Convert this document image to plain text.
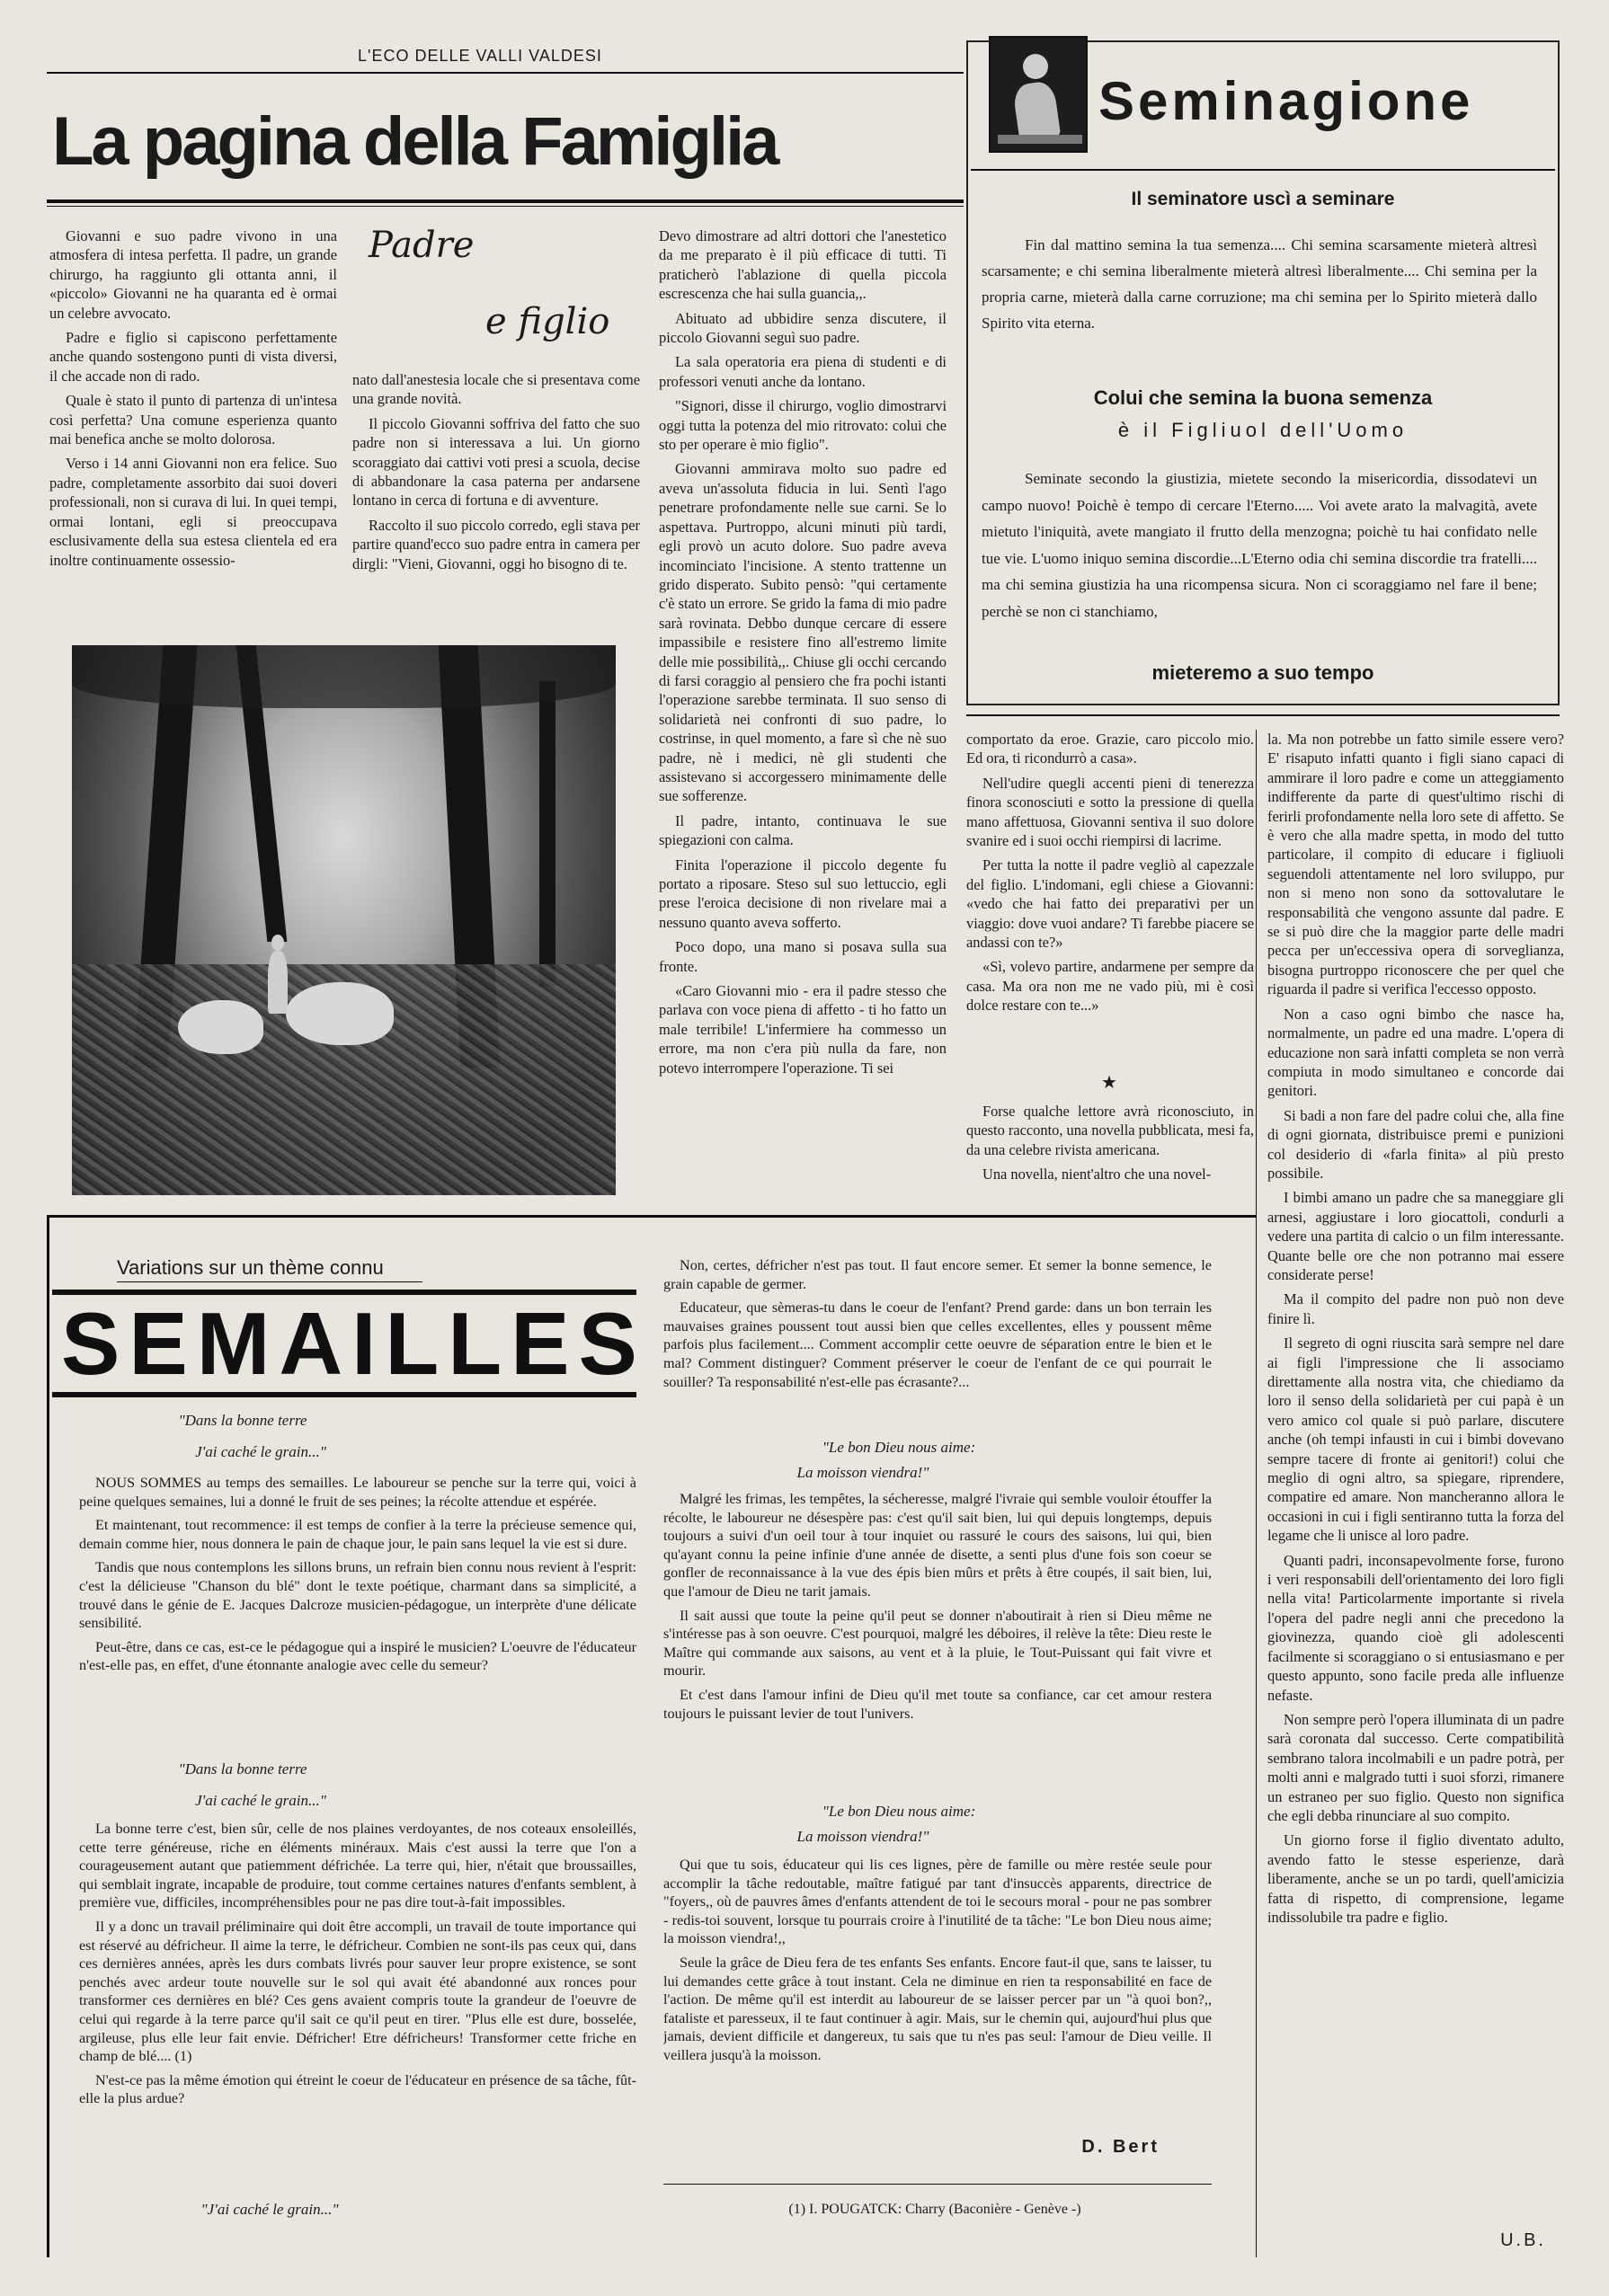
L'ECO DELLE VALLI VALDESI
La pagina della Famiglia
Padre
e figlio

Giovanni e suo padre vivono in una atmosfera di intesa perfetta. Il padre, un grande chirurgo, ha raggiunto gli ottanta anni, il «piccolo» Giovanni ne ha quaranta ed è ormai un celebre avvocato.

Padre e figlio si capiscono perfettamente anche quando sostengono punti di vista diversi, il che accade non di rado.

Quale è stato il punto di partenza di un'intesa così perfetta? Una comune esperienza quanto mai benefica anche se molto dolorosa.

Verso i 14 anni Giovanni non era felice. Suo padre, completamente assorbito dai suoi doveri professionali, non si curava di lui. In quei tempi, ormai lontani, egli si preoccupava esclusivamente della sua estesa clientela ed era inoltre continuamente ossessio-

nato dall'anestesia locale che si presentava come una grande novità.

Il piccolo Giovanni soffriva del fatto che suo padre non si interessava a lui. Un giorno scoraggiato dai cattivi voti presi a scuola, decise di abbandonare la casa paterna per andarsene lontano in cerca di fortuna e di avventure.

Raccolto il suo piccolo corredo, egli stava per partire quand'ecco suo padre entra in camera per dirgli: "Vieni, Giovanni, oggi ho bisogno di te.

Devo dimostrare ad altri dottori che l'anestetico da me preparato è il più efficace di tutti. Ti praticherò l'ablazione di quella piccola escrescenza che hai sulla guancia,,.

Abituato ad ubbidire senza discutere, il piccolo Giovanni seguì suo padre.

La sala operatoria era piena di studenti e di professori venuti anche da lontano.

"Signori, disse il chirurgo, voglio dimostrarvi oggi tutta la potenza del mio ritrovato: colui che sto per operare è mio figlio".

Giovanni ammirava molto suo padre ed aveva un'assoluta fiducia in lui. Sentì l'ago penetrare profondamente nelle sue carni. Se lo aspettava. Purtroppo, alcuni minuti più tardi, egli provò un acuto dolore. Suo padre aveva incominciato l'incisione. A stento trattenne un grido disperato. Subito pensò: "qui certamente c'è stato un errore. Se grido la fama di mio padre sarà rovinata. Debbo dunque cercare di essere impassibile e resistere fino all'estremo limite delle mie possibilità,,. Chiuse gli occhi cercando di farsi coraggio al pensiero che fra pochi istanti l'operazione sarebbe terminata. Il suo senso di solidarietà nei confronti di suo padre, lo costrinse, in quel momento, a fare sì che nè suo padre, nè i medici, nè gli studenti che assistevano si accorgessero minimamente delle sue sofferenze.

Il padre, intanto, continuava le sue spiegazioni con calma.

Finita l'operazione il piccolo degente fu portato a riposare. Steso sul suo lettuccio, egli prese l'eroica decisione di non rivelare mai a nessuno quanto aveva sofferto.

Poco dopo, una mano si posava sulla sua fronte.

«Caro Giovanni mio - era il padre stesso che parlava con voce piena di affetto - ti ho fatto un male terribile! L'infermiere ha commesso un errore, ma non c'era più nulla da fare, non potevo interrompere l'operazione. Ti sei

Seminagione
Il seminatore uscì a seminare
Fin dal mattino semina la tua semenza.... Chi semina scarsamente mieterà altresì scarsamente; e chi semina liberalmente mieterà altresì liberalmente.... Chi semina per la propria carne, mieterà dalla carne corruzione; ma chi semina per lo Spirito mieterà dallo Spirito vita eterna.
Colui che semina la buona semenza
è il Figliuol dell'Uomo
Seminate secondo la giustizia, mietete secondo la misericordia, dissodatevi un campo nuovo! Poichè è tempo di cercare l'Eterno..... Voi avete arato la malvagità, avete mietuto l'iniquità, avete mangiato il frutto della menzogna; poichè tu hai confidato nelle tue vie. L'uomo iniquo semina discordie...L'Eterno odia chi semina discordie tra fratelli.... ma chi semina giustizia ha una ricompensa sicura. Non ci scoraggiamo nel fare il bene; perchè se non ci stanchiamo,
mieteremo a suo tempo

comportato da eroe. Grazie, caro piccolo mio. Ed ora, ti ricondurrò a casa».

Nell'udire quegli accenti pieni di tenerezza finora sconosciuti e sotto la pressione di quella mano affettuosa, Giovanni sentiva il suo dolore svanire ed i suoi occhi riempirsi di lacrime.

Per tutta la notte il padre vegliò al capezzale del figlio. L'indomani, egli chiese a Giovanni: «vedo che hai fatto dei preparativi per un viaggio: dove vuoi andare? Ti farebbe piacere se andassi con te?»

«Sì, volevo partire, andarmene per sempre da casa. Ma ora non me ne vado più, mi è così dolce restare con te...»

★

Forse qualche lettore avrà riconosciuto, in questo racconto, una novella pubblicata, mesi fa, da una celebre rivista americana.

Una novella, nient'altro che una novel-

la. Ma non potrebbe un fatto simile essere vero? E' risaputo infatti quanto i figli siano capaci di ammirare il loro padre e come un atteggiamento indifferente da parte di quest'ultimo rischi di ferirli profondamente nella loro sete di affetto. Se è vero che alla madre spetta, in modo del tutto particolare, il compito di educare i figliuoli seguendoli attentamente nel loro sviluppo, pur non si meno non sono da sottovalutare le responsabilità che vengono assunte dal padre. E se si può dire che la maggior parte delle madri pecca per un'eccessiva opera di sorveglianza, bisogna purtroppo riconoscere che per quel che riguarda il padre si verifica l'eccesso opposto.

Non a caso ogni bimbo che nasce ha, normalmente, un padre ed una madre. L'opera di educazione non sarà infatti completa se non verrà compiuta in modo simultaneo e concorde dai genitori.

Si badi a non fare del padre colui che, alla fine di ogni giornata, distribuisce premi e punizioni col desiderio di «farla finita» al più presto possibile.

I bimbi amano un padre che sa maneggiare gli arnesi, aggiustare i loro giocattoli, condurli a vedere una partita di calcio o un film interessante. Quante belle ore che non potranno mai essere considerate perse!

Ma il compito del padre non può non deve finire lì.

Il segreto di ogni riuscita sarà sempre nel dare ai figli l'impressione che li associamo direttamente alla nostra vita, che chiediamo da loro il senso della solidarietà per cui papà è un vero amico col quale si può parlare, discutere anche (oh tempi infausti in cui i bimbi dovevano sempre tacere di fronte ai genitori!) colui che meglio di ogni altro, sa spiegare, riprendere, compatire ed amare. Non mancheranno allora le occasioni in cui i figli sentiranno tutta la forza del legame che li unisce al loro padre.

Quanti padri, inconsapevolmente forse, furono i veri responsabili dell'orientamento dei loro figli nella vita! Particolarmente importante si rivela l'opera del padre negli anni che precedono la giovinezza, quando cioè gli adolescenti facilmente si scoraggiano o si entusiasmano e per questo appunto, sono facile preda alle influenze nefaste.

Non sempre però l'opera illuminata di un padre sarà coronata dal successo. Certe compatibilità sembrano talora incolmabili e un padre potrà, per molti anni e malgrado tutti i suoi sforzi, rimanere un estraneo per suo figlio. Questo non significa che egli debba rinunciare al suo compito.

Un giorno forse il figlio diventato adulto, avendo fatto le stesse esperienze, darà liberamente, anche se un po tardi, quell'amicizia fatta di rispetto, di comprensione, legame indissolubile tra padre e figlio.

U.B.
Variations sur un thème connu
SEMAILLES
"Dans la bonne terre
J'ai caché le grain..."

NOUS SOMMES au temps des semailles. Le laboureur se penche sur la terre qui, voici à peine quelques semaines, lui a donné le fruit de ses peines; la récolte attendue et espérée.

Et maintenant, tout recommence: il est temps de confier à la terre la précieuse semence qui, demain comme hier, nous donnera le pain de chaque jour, le pain sans lequel la vie est si dure.

Tandis que nous contemplons les sillons bruns, un refrain bien connu nous revient à l'esprit: c'est la délicieuse "Chanson du blé" dont le texte poétique, charmant dans sa simplicité, a trouvé dans le génie de E. Jacques Dalcroze musicien-pédagogue, un interprète d'une délicate sensibilité.

Peut-être, dans ce cas, est-ce le pédagogue qui a inspiré le musicien? L'oeuvre de l'éducateur n'est-elle pas, en effet, d'une étonnante analogie avec celle du semeur?

"Dans la bonne terre
J'ai caché le grain..."

La bonne terre c'est, bien sûr, celle de nos plaines verdoyantes, de nos coteaux ensoleillés, cette terre généreuse, riche en éléments minéraux. Mais c'est aussi la terre que l'on a courageusement autant que patiemment défrichée. La terre qui, hier, n'était que broussailles, qui semblait ingrate, incapable de produire, tout comme certaines natures d'enfants semblent, à première vue, difficiles, incompréhensibles pour ne pas dire tout-à-fait impossibles.

Il y a donc un travail préliminaire qui doit être accompli, un travail de toute importance qui est réservé au défricheur. Il aime la terre, le défricheur. Combien ne sont-ils pas ceux qui, dans ces dernières années, après les durs combats livrés pour sauver leur propre existence, se sont penchés avec ardeur toute nouvelle sur le sol qui avait été abandonné aux ronces pour transformer ces dernières en blé? Ces gens avaient compris toute la grandeur de l'oeuvre de celui qui regarde à la terre parce qu'il sait ce qu'il peut en tirer. "Plus elle est dure, bosselée, argileuse, plus elle leur fait envie. Défricher! Etre défricheurs! Transformer cette friche en champ de blé.... (1)

N'est-ce pas la même émotion qui étreint le coeur de l'éducateur en présence de sa tâche, fût-elle la plus ardue?

"J'ai caché le grain..."

Non, certes, défricher n'est pas tout. Il faut encore semer. Et semer la bonne semence, le grain capable de germer.

Educateur, que sèmeras-tu dans le coeur de l'enfant? Prend garde: dans un bon terrain les mauvaises graines poussent tout aussi bien que celles excellentes, elles y poussent même parfois plus facilement.... Comment accomplir cette oeuvre de séparation entre le bien et le mal? Comment distinguer? Comment préserver le coeur de l'enfant de ce qui pourrait le souiller? Ta responsabilité n'est-elle pas écrasante?...

"Le bon Dieu nous aime:
La moisson viendra!"

Malgré les frimas, les tempêtes, la sécheresse, malgré l'ivraie qui semble vouloir étouffer la récolte, le laboureur ne désespère pas: c'est qu'il sait bien, lui qui depuis longtemps, depuis toujours a suivi d'un oeil tour à tour inquiet ou rassuré le cours des saisons, lui qui, bien qu'ayant connu la peine infinie d'une année de disette, a senti plus d'une fois son coeur se gonfler de reconnaissance à la vue des épis bien mûrs et prêts à être coupés, il sait bien, lui, que l'amour de Dieu ne tarit jamais.

Il sait aussi que toute la peine qu'il peut se donner n'aboutirait à rien si Dieu même ne s'intéresse pas à son oeuvre. C'est pourquoi, malgré les déboires, il relève la tête: Dieu reste le Maître qui commande aux saisons, au vent et à la pluie, le Tout-Puissant qui fait vivre et mourir.

Et c'est dans l'amour infini de Dieu qu'il met toute sa confiance, car cet amour restera toujours le puissant levier de tout l'univers.

"Le bon Dieu nous aime:
La moisson viendra!"

Qui que tu sois, éducateur qui lis ces lignes, père de famille ou mère restée seule pour accomplir la tâche redoutable, maître fatigué par tant d'insuccès apparents, directrice de "foyers,, où de pauvres âmes d'enfants attendent de toi le secours moral - pour ne pas sombrer - redis-toi souvent, lorsque tu pourrais croire à l'inutilité de ta tâche: "Le bon Dieu nous aime; la moisson viendra!,,

Seule la grâce de Dieu fera de tes enfants Ses enfants. Encore faut-il que, sans te laisser, tu lui demandes cette grâce à tout instant. Cela ne diminue en rien ta responsabilité en face de l'action. De même qu'il est interdit au laboureur de se laisser percer par un "à quoi bon?,, fataliste et paresseux, il te faut continuer à agir. Mais, sur le chemin qui, aujourd'hui plus que jamais, devient difficile et dangereux, tu sais que tu n'es pas seul: l'amour de Dieu veille. Il veillera jusqu'à la moisson.

D. Bert
(1) I. POUGATCK: Charry (Baconière - Genève -)
